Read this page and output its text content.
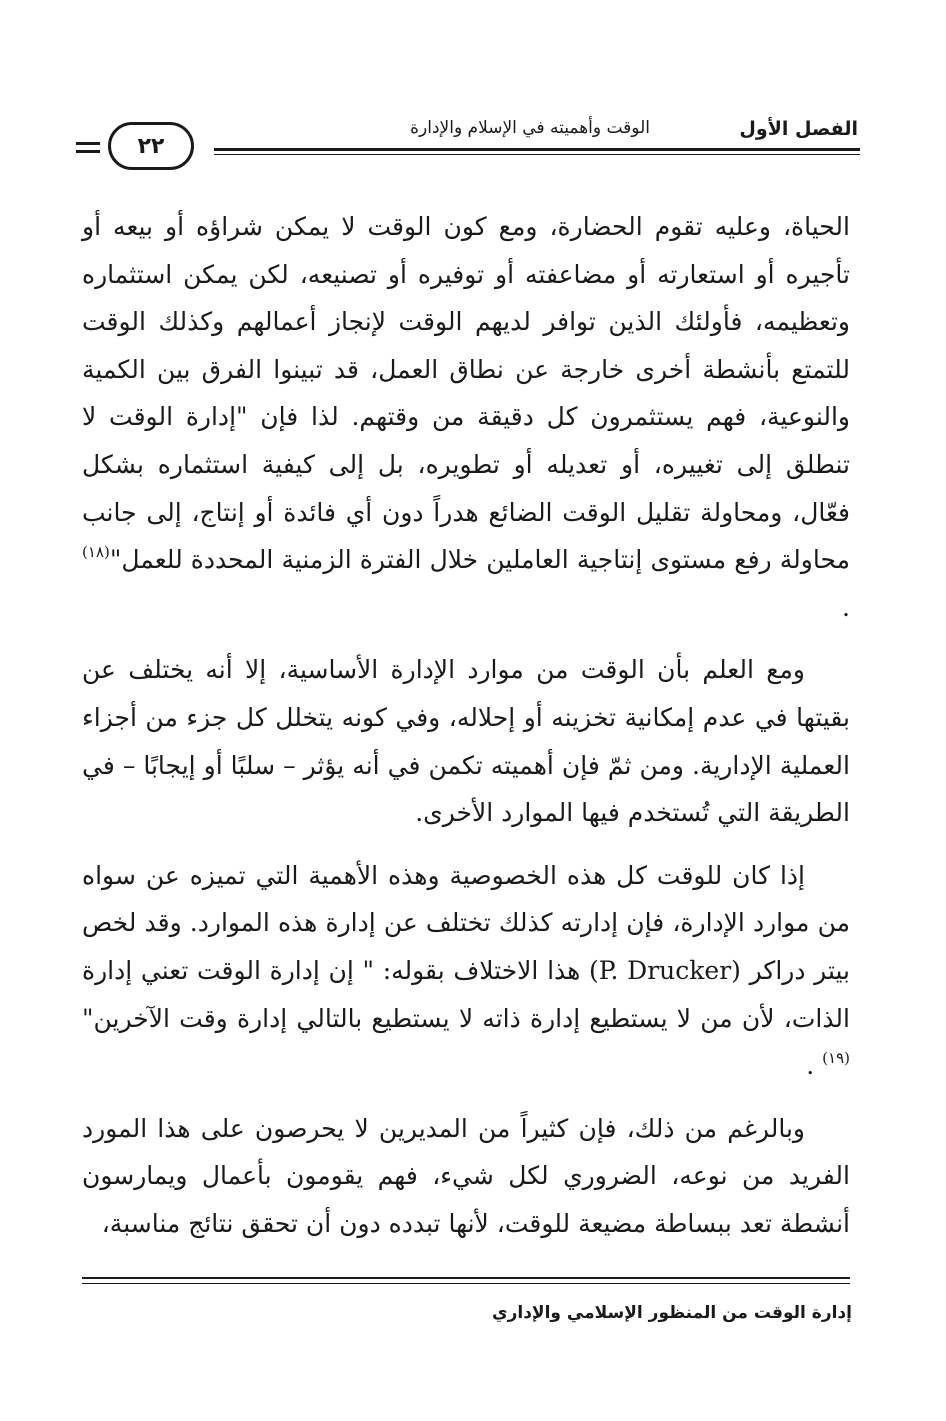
الفصل الأول
الوقت وأهميته في الإسلام والإدارة
٢٢

الحياة، وعليه تقوم الحضارة، ومع كون الوقت لا يمكن شراؤه أو بيعه أو تأجيره أو استعارته أو مضاعفته أو توفيره أو تصنيعه، لكن يمكن استثماره وتعظيمه، فأولئك الذين توافر لديهم الوقت لإنجاز أعمالهم وكذلك الوقت للتمتع بأنشطة أخرى خارجة عن نطاق العمل، قد تبينوا الفرق بين الكمية والنوعية، فهم يستثمرون كل دقيقة من وقتهم. لذا فإن "إدارة الوقت لا تنطلق إلى تغييره، أو تعديله أو تطويره، بل إلى كيفية استثماره بشكل فعّال، ومحاولة تقليل الوقت الضائع هدراً دون أي فائدة أو إنتاج، إلى جانب محاولة رفع مستوى إنتاجية العاملين خلال الفترة الزمنية المحددة للعمل"$^{(١٨)}$ .

ومع العلم بأن الوقت من موارد الإدارة الأساسية، إلا أنه يختلف عن بقيتها في عدم إمكانية تخزينه أو إحلاله، وفي كونه يتخلل كل جزء من أجزاء العملية الإدارية. ومن ثمّ فإن أهميته تكمن في أنه يؤثر – سلبًا أو إيجابًا – في الطريقة التي تُستخدم فيها الموارد الأخرى.

إذا كان للوقت كل هذه الخصوصية وهذه الأهمية التي تميزه عن سواه من موارد الإدارة، فإن إدارته كذلك تختلف عن إدارة هذه الموارد. وقد لخص بيتر دراكر (P. Drucker) هذا الاختلاف بقوله: " إن إدارة الوقت تعني إدارة الذات، لأن من لا يستطيع إدارة ذاته لا يستطيع بالتالي إدارة وقت الآخرين"$^{(١٩)}$ .

وبالرغم من ذلك، فإن كثيراً من المديرين لا يحرصون على هذا المورد الفريد من نوعه، الضروري لكل شيء، فهم يقومون بأعمال ويمارسون أنشطة تعد ببساطة مضيعة للوقت، لأنها تبدده دون أن تحقق نتائج مناسبة،

إدارة الوقت من المنظور الإسلامي والإداري
